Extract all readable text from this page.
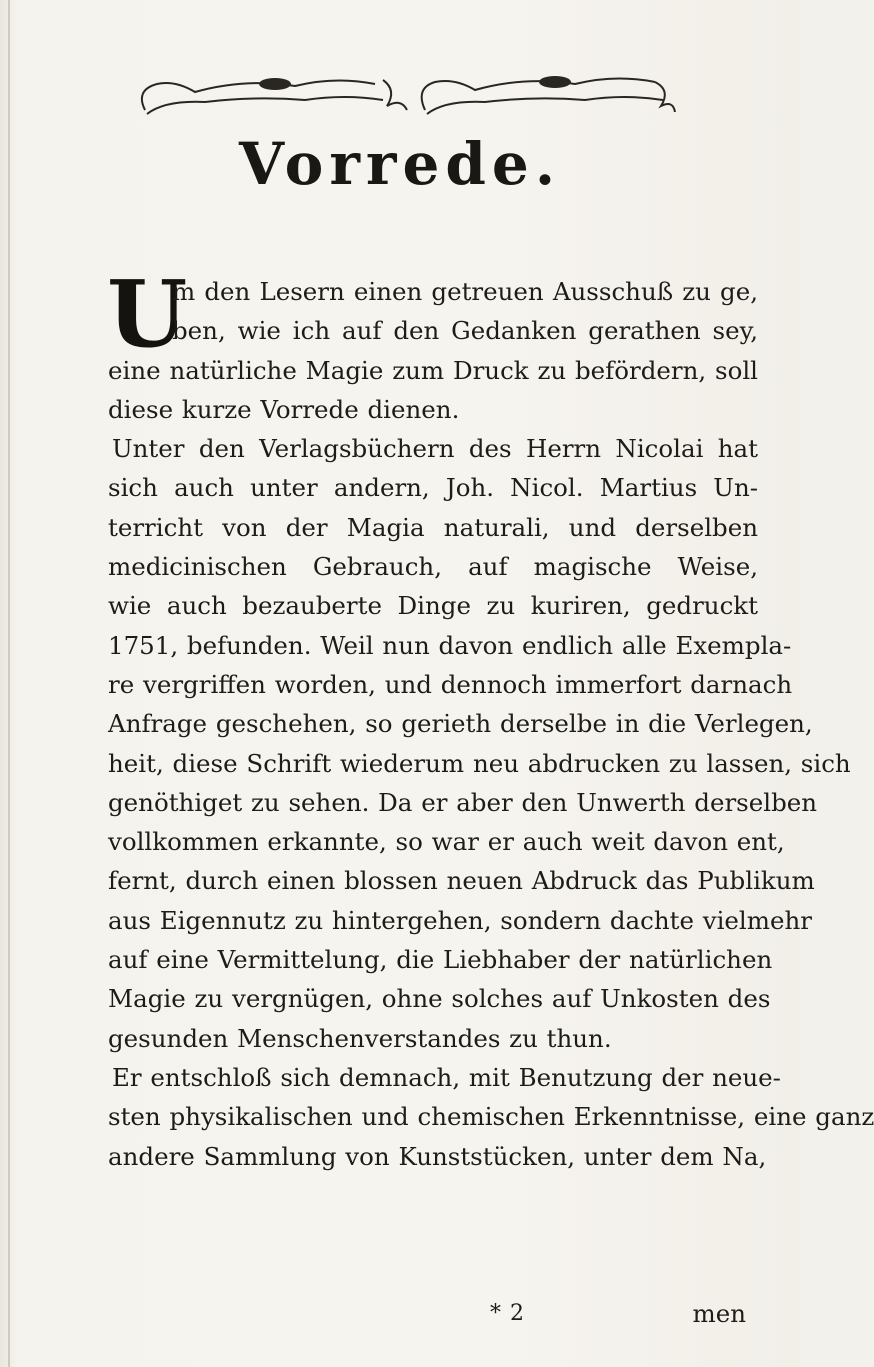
Vorrede.
U
m den Lesern einen getreuen Ausschuß zu ge,
ben, wie ich auf den Gedanken gerathen sey,
eine natürliche Magie zum Druck zu befördern, soll
diese kurze Vorrede dienen.
Unter den Verlagsbüchern des Herrn Nicolai hat
sich auch unter andern, Joh. Nicol. Martius Un-
terricht von der Magia naturali, und derselben
medicinischen Gebrauch, auf magische Weise,
wie auch bezauberte Dinge zu kuriren, gedruckt
1751, befunden. Weil nun davon endlich alle Exempla-
re vergriffen worden, und dennoch immerfort darnach
Anfrage geschehen, so gerieth derselbe in die Verlegen,
heit, diese Schrift wiederum neu abdrucken zu lassen, sich
genöthiget zu sehen. Da er aber den Unwerth derselben
vollkommen erkannte, so war er auch weit davon ent,
fernt, durch einen blossen neuen Abdruck das Publikum
aus Eigennutz zu hintergehen, sondern dachte vielmehr
auf eine Vermittelung, die Liebhaber der natürlichen
Magie zu vergnügen, ohne solches auf Unkosten des
gesunden Menschenverstandes zu thun.
Er entschloß sich demnach, mit Benutzung der neue-
sten physikalischen und chemischen Erkenntnisse, eine ganz
andere Sammlung von Kunststücken, unter dem Na,
* 2	men
